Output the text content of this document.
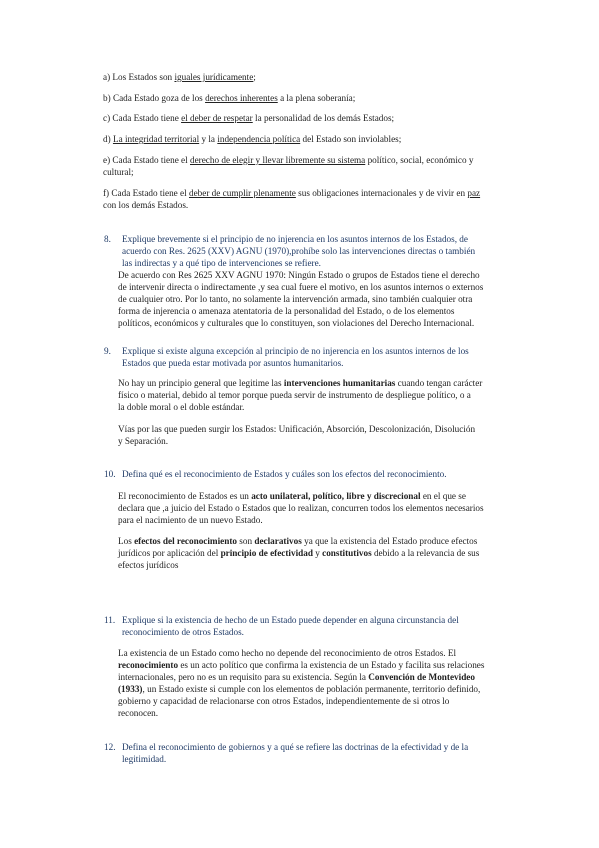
a) Los Estados son iguales jurídicamente;
b) Cada Estado goza de los derechos inherentes a la plena soberanía;
c) Cada Estado tiene el deber de respetar la personalidad de los demás Estados;
d) La integridad territorial y la independencia política del Estado son inviolables;
e) Cada Estado tiene el derecho de elegir y llevar libremente su sistema político, social, económico y
cultural;
f) Cada Estado tiene el deber de cumplir plenamente sus obligaciones internacionales y de vivir en paz
con los demás Estados.
8. Explique brevemente si el principio de no injerencia en los asuntos internos de los Estados, de
acuerdo con Res. 2625 (XXV) AGNU (1970),prohíbe solo las intervenciones directas o también
las indirectas y a qué tipo de intervenciones se refiere.
De acuerdo con Res 2625 XXV AGNU 1970: Ningún Estado o grupos de Estados tiene el derecho
de intervenir directa o indirectamente ,y sea cual fuere el motivo, en los asuntos internos o externos
de cualquier otro. Por lo tanto, no solamente la intervención armada, sino también cualquier otra
forma de injerencia o amenaza atentatoria de la personalidad del Estado, o de los elementos
políticos, económicos y culturales que lo constituyen, son violaciones del Derecho Internacional.
9. Explique si existe alguna excepción al principio de no injerencia en los asuntos internos de los
Estados que pueda estar motivada por asuntos humanitarios.
No hay un principio general que legitime las intervenciones humanitarias cuando tengan carácter
físico o material, debido al temor porque pueda servir de instrumento de despliegue político, o a
la doble moral o el doble estándar.
Vías por las que pueden surgir los Estados: Unificación, Absorción, Descolonización, Disolución
y Separación.
10. Defina qué es el reconocimiento de Estados y cuáles son los efectos del reconocimiento.
El reconocimiento de Estados es un acto unilateral, político, libre y discrecional en el que se
declara que ,a juicio del Estado o Estados que lo realizan, concurren todos los elementos necesarios
para el nacimiento de un nuevo Estado.
Los efectos del reconocimiento son declarativos ya que la existencia del Estado produce efectos
jurídicos por aplicación del principio de efectividad y constitutivos debido a la relevancia de sus
efectos jurídicos
11. Explique si la existencia de hecho de un Estado puede depender en alguna circunstancia del
reconocimiento de otros Estados.
La existencia de un Estado como hecho no depende del reconocimiento de otros Estados. El
reconocimiento es un acto político que confirma la existencia de un Estado y facilita sus relaciones
internacionales, pero no es un requisito para su existencia. Según la Convención de Montevideo
(1933), un Estado existe si cumple con los elementos de población permanente, territorio definido,
gobierno y capacidad de relacionarse con otros Estados, independientemente de si otros lo
reconocen.
12. Defina el reconocimiento de gobiernos y a qué se refiere las doctrinas de la efectividad y de la
legitimidad.
